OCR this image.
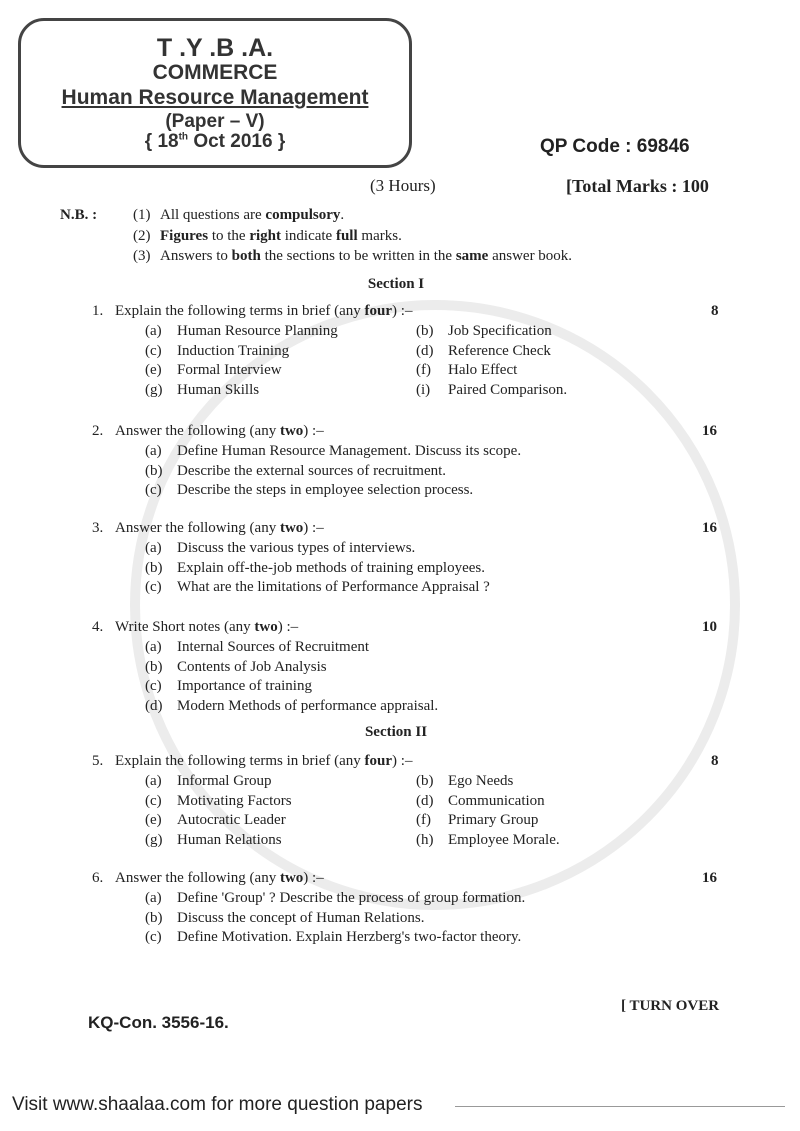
T .Y .B .A.
COMMERCE
Human Resource Management
(Paper – V)
{ 18th Oct 2016 }	QP Code : 69846
(3 Hours)	[Total Marks : 100
N.B. : (1) All questions are compulsory.
(2) Figures to the right indicate full marks.
(3) Answers to both the sections to be written in the same answer book.
Section I
Section II
1. Explain the following terms in brief (any four) :–	8
(a) Human Resource Planning	(b) Job Specification
(c) Induction Training	(d) Reference Check
(e) Formal Interview	(f) Halo Effect
(g) Human Skills	(i) Paired Comparison.
2. Answer the following (any two) :–	16
(a) Define Human Resource Management. Discuss its scope.
(b) Describe the external sources of recruitment.
(c) Describe the steps in employee selection process.
3. Answer the following (any two) :–	16
(a) Discuss the various types of interviews.
(b) Explain off-the-job methods of training employees.
(c) What are the limitations of Performance Appraisal ?
4. Write Short notes (any two) :–	10
(a) Internal Sources of Recruitment
(b) Contents of Job Analysis
(c) Importance of training
(d) Modern Methods of performance appraisal.
5. Explain the following terms in brief (any four) :–	8
(a) Informal Group	(b) Ego Needs
(c) Motivating Factors	(d) Communication
(e) Autocratic Leader	(f) Primary Group
(g) Human Relations	(h) Employee Morale.
6. Answer the following (any two) :–	16
(a) Define 'Group' ? Describe the process of group formation.
(b) Discuss the concept of Human Relations.
(c) Define Motivation. Explain Herzberg's two-factor theory.
[ TURN OVER
KQ-Con. 3556-16.
Visit www.shaalaa.com for more question papers
